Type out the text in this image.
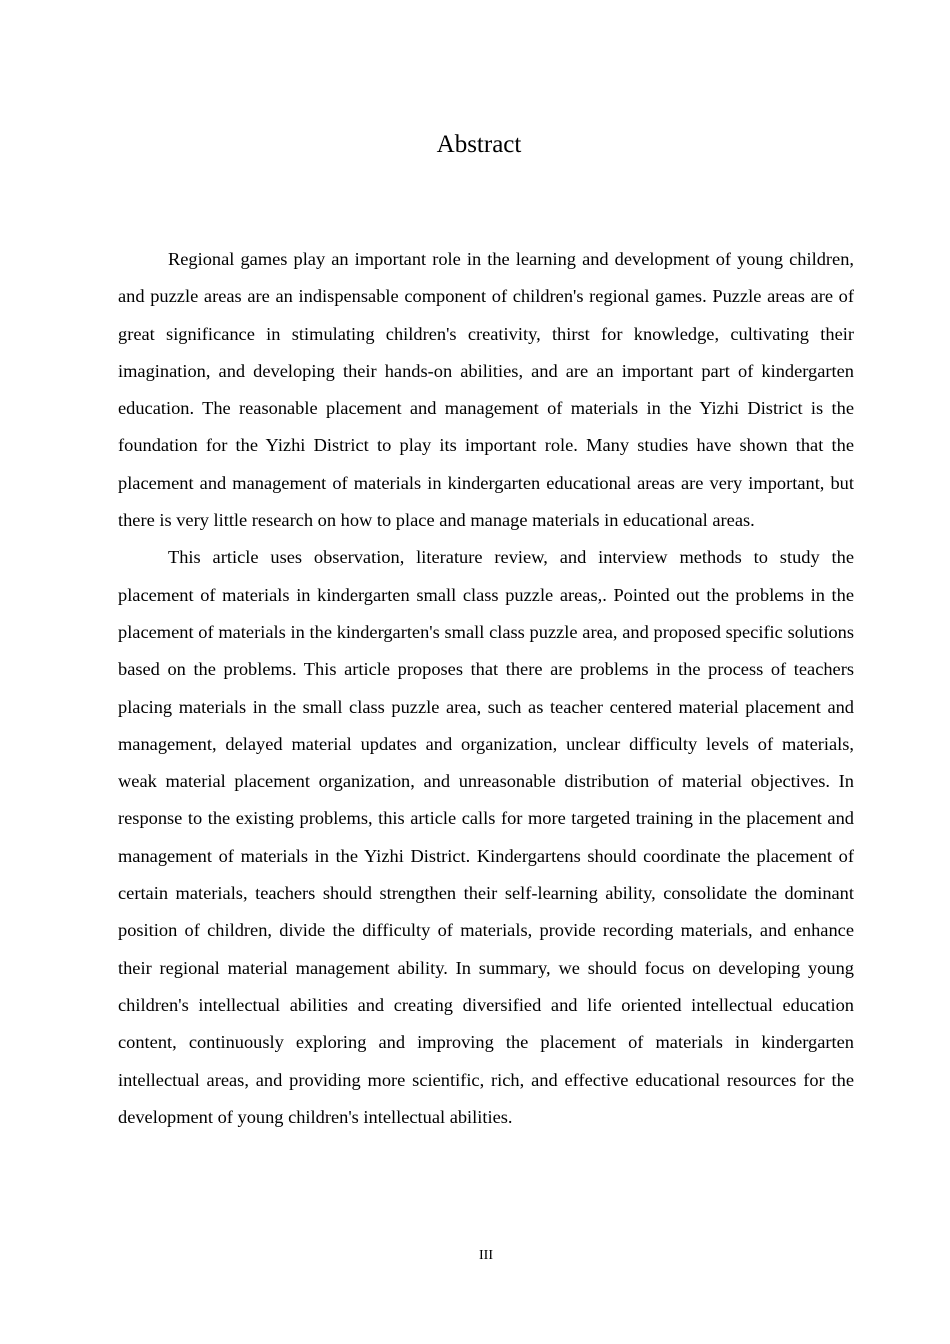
Abstract

Regional games play an important role in the learning and development of young children, and puzzle areas are an indispensable component of children's regional games. Puzzle areas are of great significance in stimulating children's creativity, thirst for knowledge, cultivating their imagination, and developing their hands-on abilities, and are an important part of kindergarten education. The reasonable placement and management of materials in the Yizhi District is the foundation for the Yizhi District to play its important role. Many studies have shown that the placement and management of materials in kindergarten educational areas are very important, but there is very little research on how to place and manage materials in educational areas.

This article uses observation, literature review, and interview methods to study the placement of materials in kindergarten small class puzzle areas,. Pointed out the problems in the placement of materials in the kindergarten's small class puzzle area, and proposed specific solutions based on the problems. This article proposes that there are problems in the process of teachers placing materials in the small class puzzle area, such as teacher centered material placement and management, delayed material updates and organization, unclear difficulty levels of materials, weak material placement organization, and unreasonable distribution of material objectives. In response to the existing problems, this article calls for more targeted training in the placement and management of materials in the Yizhi District. Kindergartens should coordinate the placement of certain materials, teachers should strengthen their self-learning ability, consolidate the dominant position of children, divide the difficulty of materials, provide recording materials, and enhance their regional material management ability. In summary, we should focus on developing young children's intellectual abilities and creating diversified and life oriented intellectual education content, continuously exploring and improving the placement of materials in kindergarten intellectual areas, and providing more scientific, rich, and effective educational resources for the development of young children's intellectual abilities.

III
